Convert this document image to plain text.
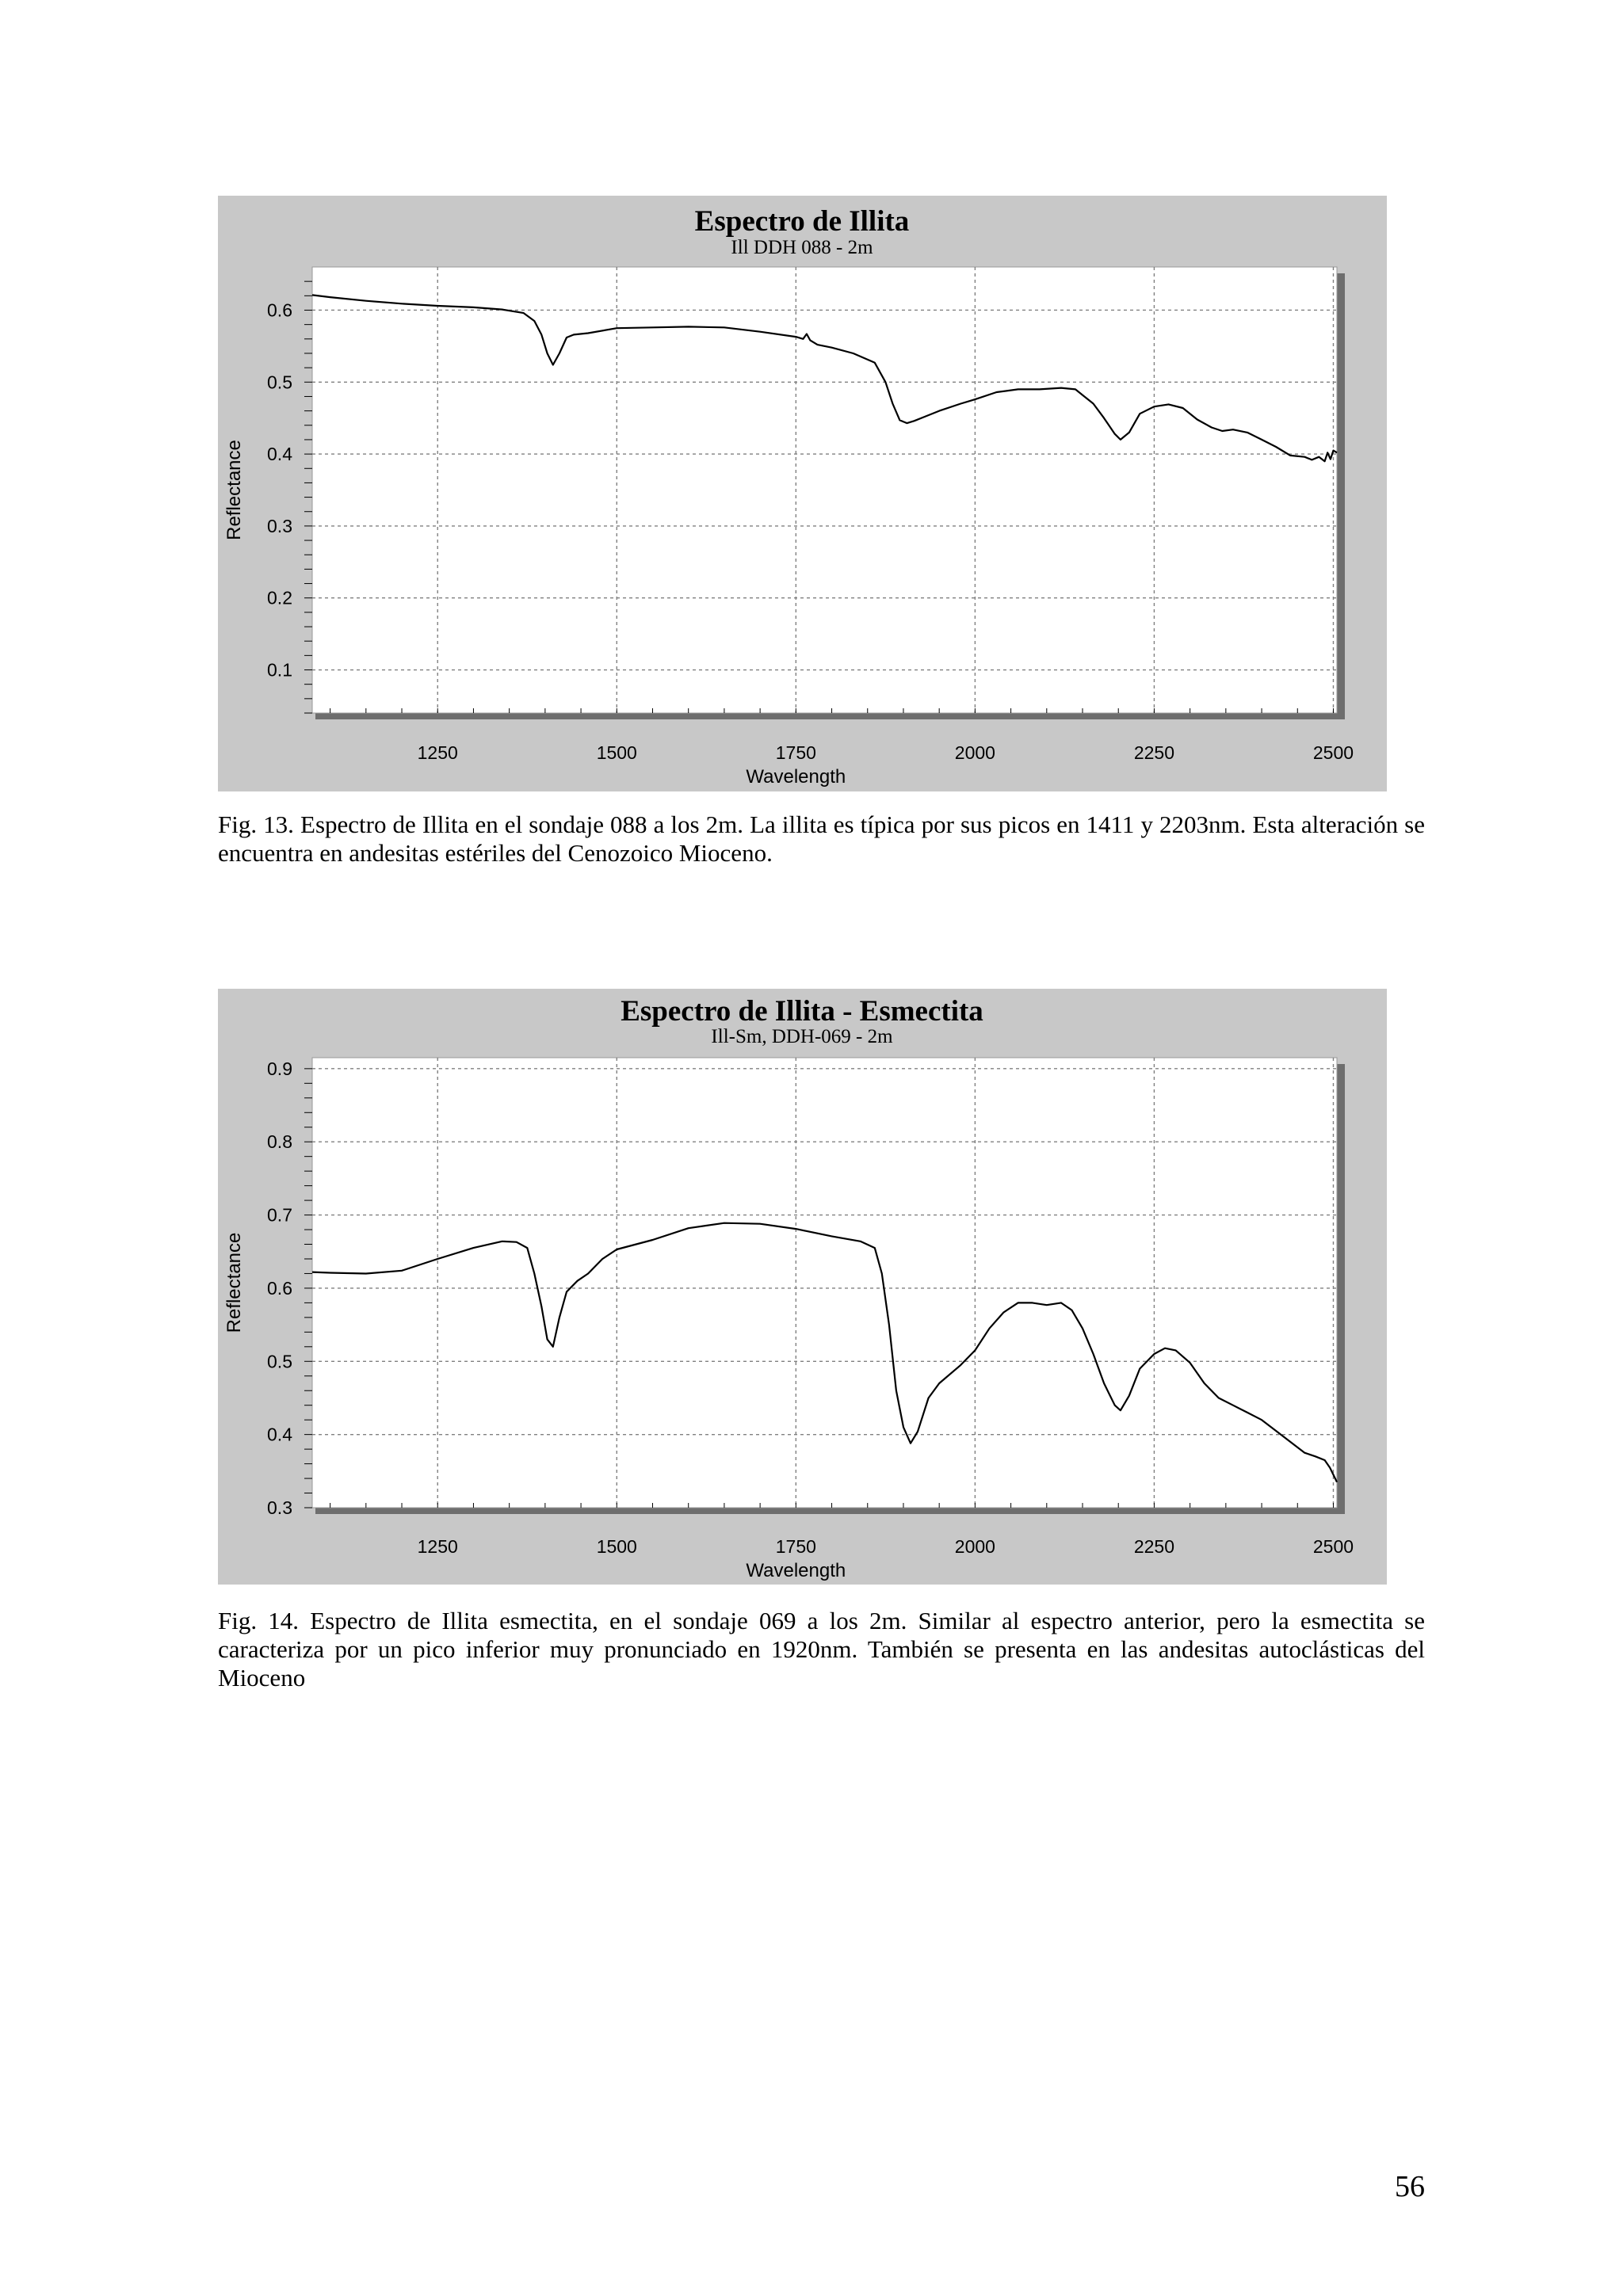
Espectro de Illita
Ill DDH 088 - 2m
1250	1500	1750	2000	2250	2500
0.1
0.2
0.3
0.4
0.5
0.6
Wavelength
Reflectance

Fig. 13. Espectro de Illita en el sondaje 088 a los 2m. La illita es típica por sus picos en 1411 y 2203nm. Esta alteración se encuentra en andesitas estériles del Cenozoico Mioceno.

Espectro de Illita - Esmectita
Ill-Sm, DDH-069 - 2m
1250	1500	1750	2000	2250	2500
0.3
0.4
0.5
0.6
0.7
0.8
0.9
Wavelength
Reflectance

Fig. 14. Espectro de Illita esmectita, en el sondaje 069 a los 2m. Similar al espectro anterior, pero la esmectita se caracteriza por un pico inferior muy pronunciado en 1920nm. También se presenta en las andesitas autoclásticas del Mioceno

56
